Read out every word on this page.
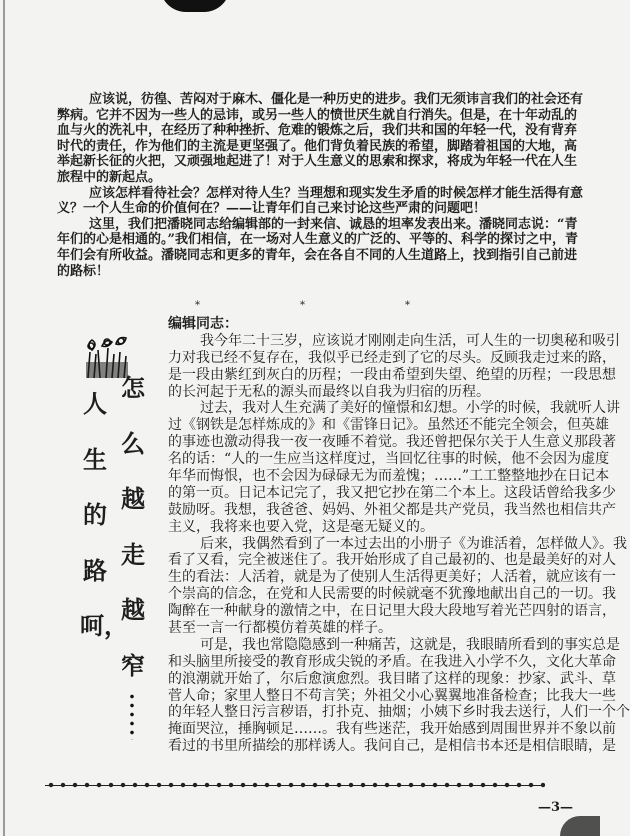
应该说，彷徨、苦闷对于麻木、僵化是一种历史的进步。我们无须讳言我们的社会还有
弊病。它并不因为一些人的忌讳，或另一些人的愤世厌生就自行消失。但是，在十年动乱的
血与火的洗礼中，在经历了种种挫折、危难的锻炼之后，我们共和国的年轻一代，没有背弃
时代的责任，作为他们的主流是更坚强了。他们背负着民族的希望，脚踏着祖国的大地，高
举起新长征的火把，又顽强地起进了！对于人生意义的思索和探求，将成为年轻一代在人生
旅程中的新起点。
应该怎样看待社会？怎样对待人生？当理想和现实发生矛盾的时候怎样才能生活得有意
义？一个人生命的价值何在？——让青年们自己来讨论这些严肃的问题吧！
这里，我们把潘晓同志给编辑部的一封来信、诚恳的坦率发表出来。潘晓同志说：“青
年们的心是相通的。”我们相信，在一场对人生意义的广泛的、平等的、科学的探讨之中，青
年们会有所收益。潘晓同志和更多的青年，会在各自不同的人生道路上，找到指引自己前进
的路标！
*	*	*
人
生
的
路
呵，
怎
么
越
走
越
窄
编辑同志：
我今年二十三岁，应该说才刚刚走向生活，可人生的一切奥秘和吸引
力对我已经不复存在，我似乎已经走到了它的尽头。反顾我走过来的路，
是一段由紫红到灰白的历程；一段由希望到失望、绝望的历程；一段思想
的长河起于无私的源头而最终以自我为归宿的历程。
过去，我对人生充满了美好的憧憬和幻想。小学的时候，我就听人讲
过《钢铁是怎样炼成的》和《雷锋日记》。虽然还不能完全领会，但英雄
的事迹也激动得我一夜一夜睡不着觉。我还曾把保尔关于人生意义那段著
名的话：“人的一生应当这样度过，当回忆往事的时候，他不会因为虚度
年华而悔恨，也不会因为碌碌无为而羞愧；……”工工整整地抄在日记本
的第一页。日记本记完了，我又把它抄在第二个本上。这段话曾给我多少
鼓励呀。我想，我爸爸、妈妈、外祖父都是共产党员，我当然也相信共产
主义，我将来也要入党，这是毫无疑义的。
后来，我偶然看到了一本过去出的小册子《为谁活着，怎样做人》。我
看了又看，完全被迷住了。我开始形成了自己最初的、也是最美好的对人
生的看法：人活着，就是为了使别人生活得更美好；人活着，就应该有一
个崇高的信念，在党和人民需要的时候就毫不犹豫地献出自己的一切。我
陶醉在一种献身的激情之中，在日记里大段大段地写着光芒四射的语言，
甚至一言一行都模仿着英雄的样子。
可是，我也常隐隐感到一种痛苦，这就是，我眼睛所看到的事实总是
和头脑里所接受的教育形成尖锐的矛盾。在我进入小学不久，文化大革命
的浪潮就开始了，尔后愈演愈烈。我目睹了这样的现象：抄家、武斗、草
菅人命；家里人整日不苟言笑；外祖父小心翼翼地准备检查；比我大一些
的年轻人整日污言秽语，打扑克、抽烟；小姨下乡时我去送行，人们一个个
掩面哭泣，捶胸顿足……。我有些迷茫，我开始感到周围世界并不象以前
看过的书里所描绘的那样诱人。我问自己，是相信书本还是相信眼睛，是
—3—
